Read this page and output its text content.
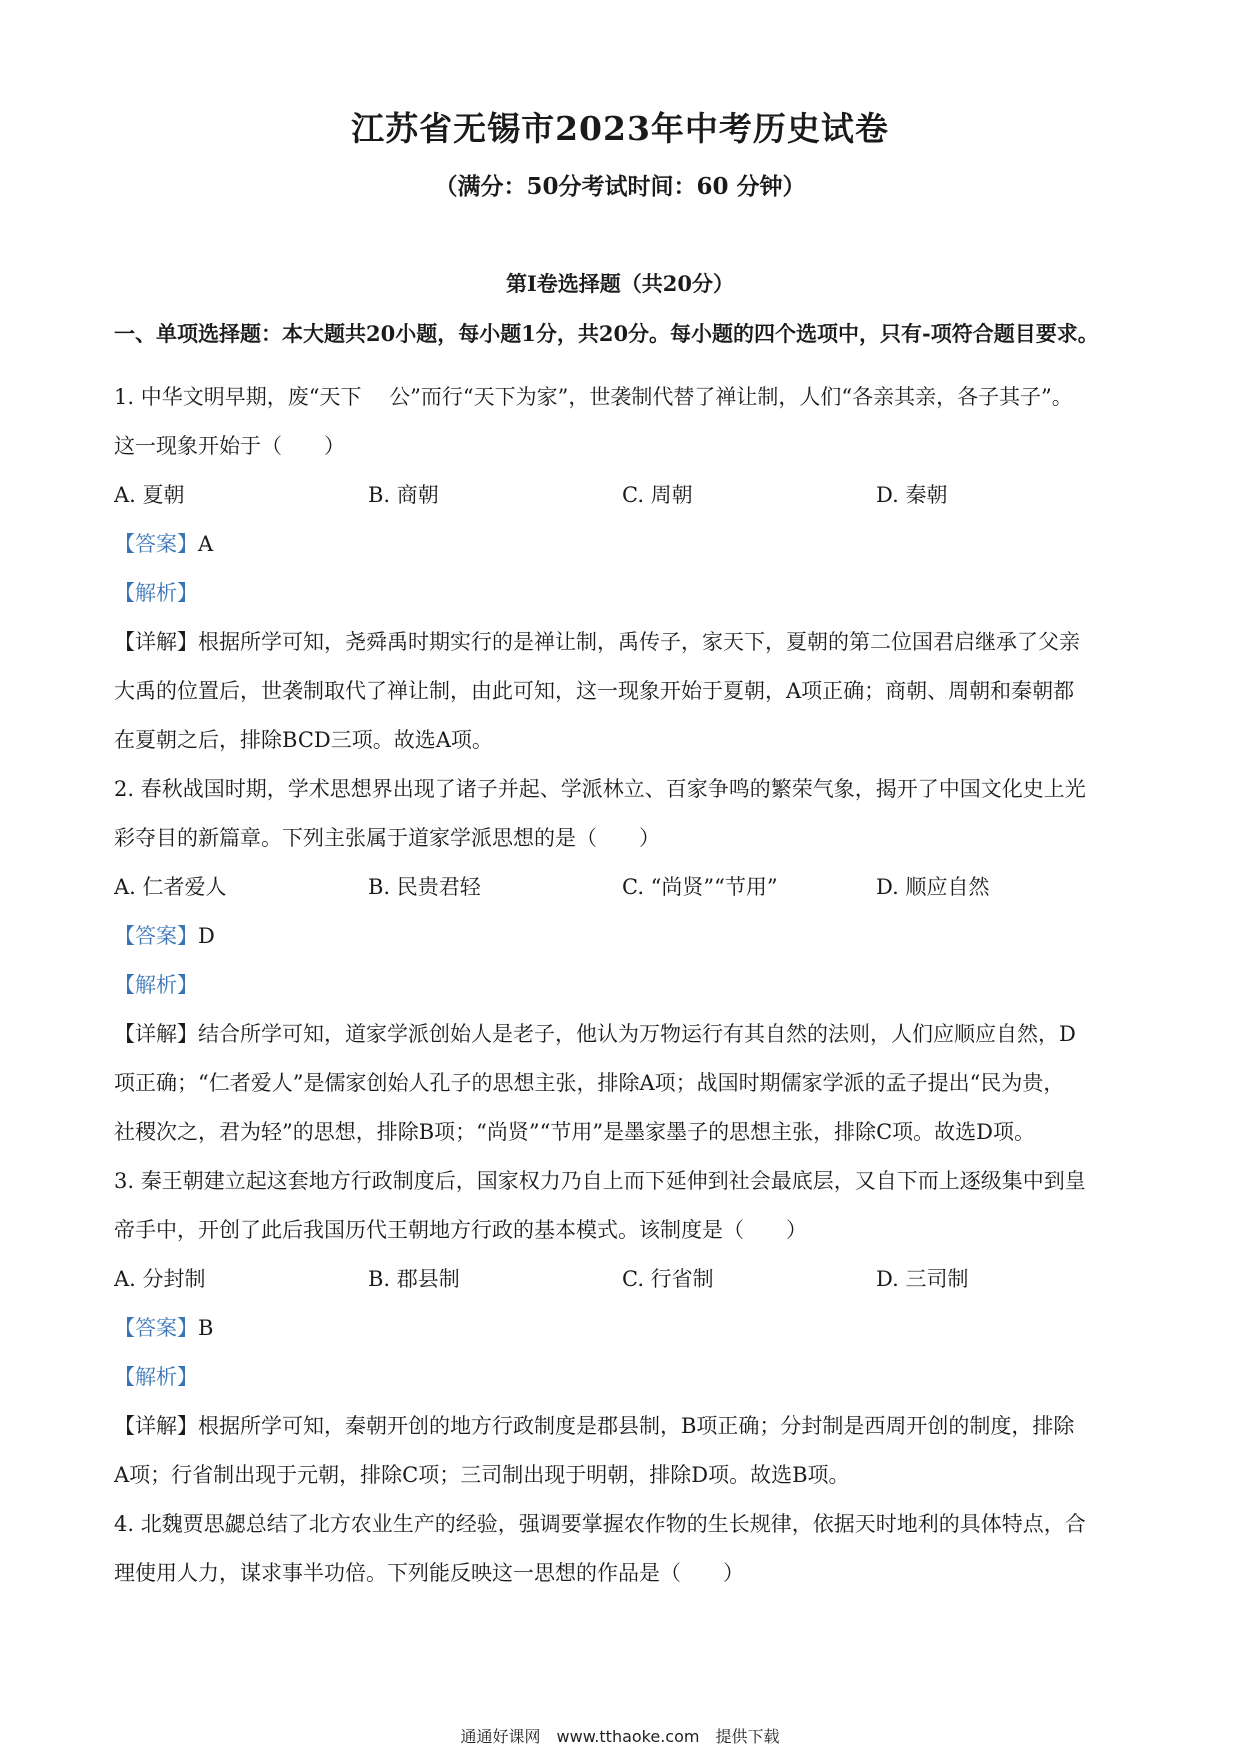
江苏省无锡市2023年中考历史试卷
（满分：50分考试时间：60 分钟）
第I卷选择题（共20分）
一、单项选择题：本大题共20小题，每小题1分，共20分。每小题的四个选项中，只有-项符合题目要求。

1. 中华文明早期，废“天下　 公”而行“天下为家”，世袭制代替了禅让制，人们“各亲其亲，各子其子”。

这一现象开始于（　　）

A. 夏朝	B. 商朝	C. 周朝	D. 秦朝

【答案】A

【解析】

【详解】根据所学可知，尧舜禹时期实行的是禅让制，禹传子，家天下，夏朝的第二位国君启继承了父亲

大禹的位置后，世袭制取代了禅让制，由此可知，这一现象开始于夏朝，A项正确；商朝、周朝和秦朝都

在夏朝之后，排除BCD三项。故选A项。

2. 春秋战国时期，学术思想界出现了诸子并起、学派林立、百家争鸣的繁荣气象，揭开了中国文化史上光

彩夺目的新篇章。下列主张属于道家学派思想的是（　　）

A. 仁者爱人	B. 民贵君轻	C. “尚贤”“节用”	D. 顺应自然

【答案】D

【解析】

【详解】结合所学可知，道家学派创始人是老子，他认为万物运行有其自然的法则，人们应顺应自然，D

项正确；“仁者爱人”是儒家创始人孔子的思想主张，排除A项；战国时期儒家学派的孟子提出“民为贵，

社稷次之，君为轻”的思想，排除B项；“尚贤”“节用”是墨家墨子的思想主张，排除C项。故选D项。

3. 秦王朝建立起这套地方行政制度后，国家权力乃自上而下延伸到社会最底层，又自下而上逐级集中到皇

帝手中，开创了此后我国历代王朝地方行政的基本模式。该制度是（　　）

A. 分封制	B. 郡县制	C. 行省制	D. 三司制

【答案】B

【解析】

【详解】根据所学可知，秦朝开创的地方行政制度是郡县制，B项正确；分封制是西周开创的制度，排除

A项；行省制出现于元朝，排除C项；三司制出现于明朝，排除D项。故选B项。

4. 北魏贾思勰总结了北方农业生产的经验，强调要掌握农作物的生长规律，依据天时地利的具体特点，合

理使用人力，谋求事半功倍。下列能反映这一思想的作品是（　　）

通通好课网　www.tthaoke.com　提供下载
